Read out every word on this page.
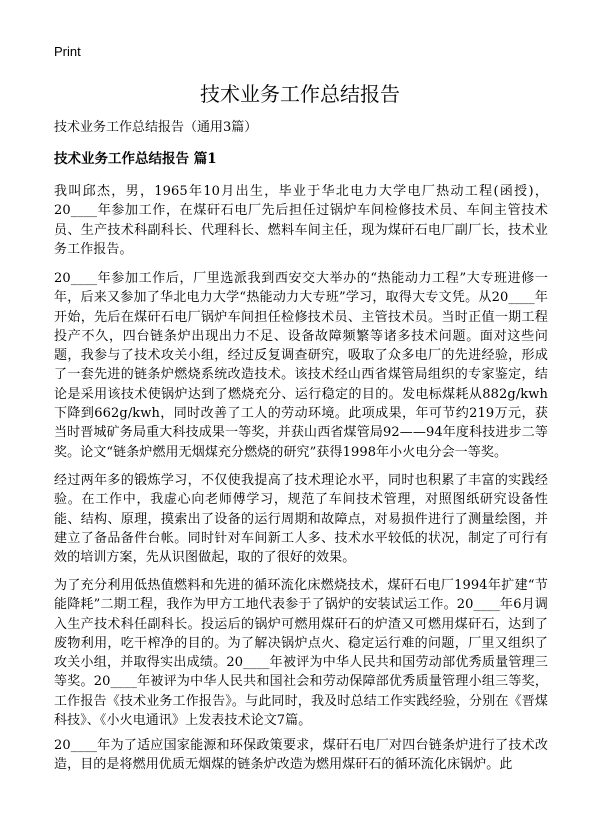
Print
技术业务工作总结报告
技术业务工作总结报告（通用3篇）
技术业务工作总结报告 篇1
我叫邱杰，男，1965年10月出生，毕业于华北电力大学电厂热动工程(函授)，20____年参加工作，在煤矸石电厂先后担任过锅炉车间检修技术员、车间主管技术员、生产技术科副科长、代理科长、燃料车间主任，现为煤矸石电厂副厂长，技术业务工作报告。
20____年参加工作后，厂里选派我到西安交大举办的“热能动力工程”大专班进修一年，后来又参加了华北电力大学“热能动力大专班”学习，取得大专文凭。从20____年开始，先后在煤矸石电厂锅炉车间担任检修技术员、主管技术员。当时正值一期工程投产不久，四台链条炉出现出力不足、设备故障频繁等诸多技术问题。面对这些问题，我参与了技术攻关小组，经过反复调查研究，吸取了众多电厂的先进经验，形成了一套先进的链条炉燃烧系统改造技术。该技术经山西省煤管局组织的专家鉴定，结论是采用该技术使锅炉达到了燃烧充分、运行稳定的目的。发电标煤耗从882g/kwh下降到662g/kwh，同时改善了工人的劳动环境。此项成果，年可节约219万元，获当时晋城矿务局重大科技成果一等奖，并获山西省煤管局92——94年度科技进步二等奖。论文“链条炉燃用无烟煤充分燃烧的研究”获得1998年小火电分会一等奖。
经过两年多的锻炼学习，不仅使我提高了技术理论水平，同时也积累了丰富的实践经验。在工作中，我虚心向老师傅学习，规范了车间技术管理，对照图纸研究设备性能、结构、原理，摸索出了设备的运行周期和故障点，对易损件进行了测量绘图，并建立了备品备件台帐。同时针对车间新工人多、技术水平较低的状况，制定了可行有效的培训方案，先从识图做起，取的了很好的效果。
为了充分利用低热值燃料和先进的循环流化床燃烧技术，煤矸石电厂1994年扩建“节能降耗”二期工程，我作为甲方工地代表参于了锅炉的安装试运工作。20____年6月调入生产技术科任副科长。投运后的锅炉可燃用煤矸石的炉渣又可燃用煤矸石，达到了废物利用，吃干榨净的目的。为了解决锅炉点火、稳定运行难的问题，厂里又组织了攻关小组，并取得实出成绩。20____年被评为中华人民共和国劳动部优秀质量管理三等奖。20____年被评为中华人民共和国社会和劳动保障部优秀质量管理小组三等奖，工作报告《技术业务工作报告》。与此同时，我及时总结工作实践经验，分别在《晋煤科技》、《小火电通讯》上发表技术论文7篇。
20____年为了适应国家能源和环保政策要求，煤矸石电厂对四台链条炉进行了技术改造，目的是将燃用优质无烟煤的链条炉改造为燃用煤矸石的循环流化床锅炉。此
